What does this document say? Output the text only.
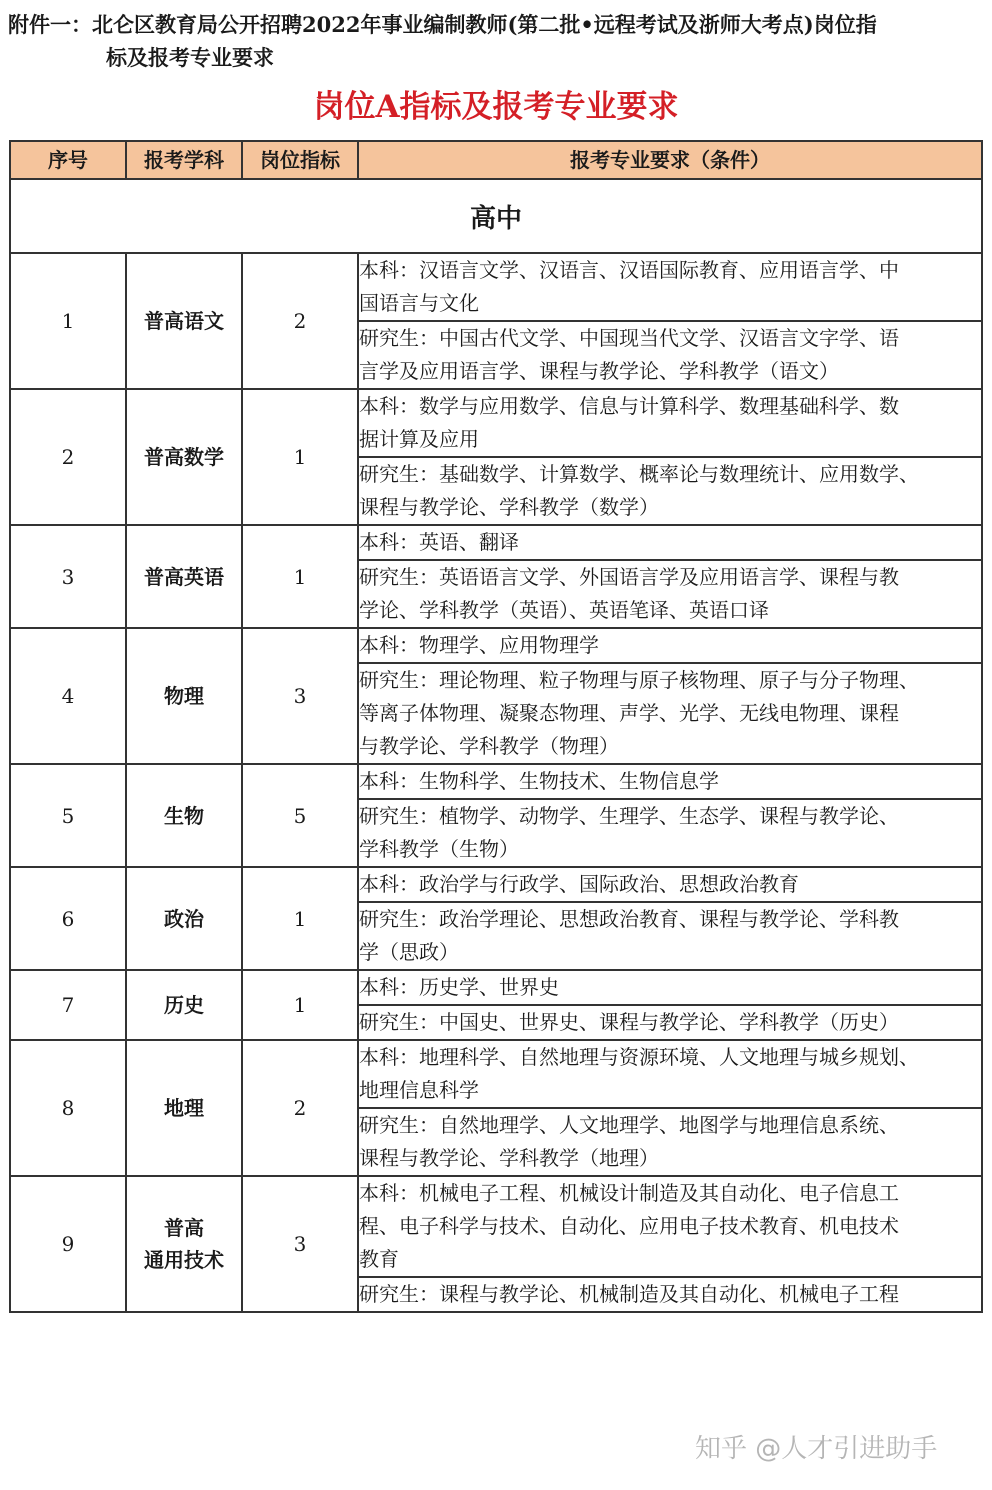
附件一：北仑区教育局公开招聘2022年事业编制教师(第二批•远程考试及浙师大考点)岗位指
标及报考专业要求
岗位A指标及报考专业要求
序号	报考学科	岗位指标	报考专业要求（条件）
高中			
1	普高语文	2	本科：汉语言文学、汉语言、汉语国际教育、应用语言学、中
国语言与文化

			研究生：中国古代文学、中国现当代文学、汉语言文字学、语
言学及应用语言学、课程与教学论、学科教学（语文）

2	普高数学	1	本科：数学与应用数学、信息与计算科学、数理基础科学、数
据计算及应用

			研究生：基础数学、计算数学、概率论与数理统计、应用数学、
课程与教学论、学科教学（数学）

3	普高英语	1	本科：英语、翻译

			研究生：英语语言文学、外国语言学及应用语言学、课程与教
学论、学科教学（英语）、英语笔译、英语口译

4	物理	3	本科：物理学、应用物理学

			研究生：理论物理、粒子物理与原子核物理、原子与分子物理、
等离子体物理、凝聚态物理、声学、光学、无线电物理、课程
与教学论、学科教学（物理）

5	生物	5	本科：生物科学、生物技术、生物信息学

			研究生：植物学、动物学、生理学、生态学、课程与教学论、
学科教学（生物）

6	政治	1	本科：政治学与行政学、国际政治、思想政治教育

			研究生：政治学理论、思想政治教育、课程与教学论、学科教
学（思政）

7	历史	1	本科：历史学、世界史

			研究生：中国史、世界史、课程与教学论、学科教学（历史）

8	地理	2	本科：地理科学、自然地理与资源环境、人文地理与城乡规划、
地理信息科学

			研究生：自然地理学、人文地理学、地图学与地理信息系统、
课程与教学论、学科教学（地理）

9	普高
通用技术	3	本科：机械电子工程、机械设计制造及其自动化、电子信息工
程、电子科学与技术、自动化、应用电子技术教育、机电技术
教育

			研究生：课程与教学论、机械制造及其自动化、机械电子工程
知乎 @人才引进助手
